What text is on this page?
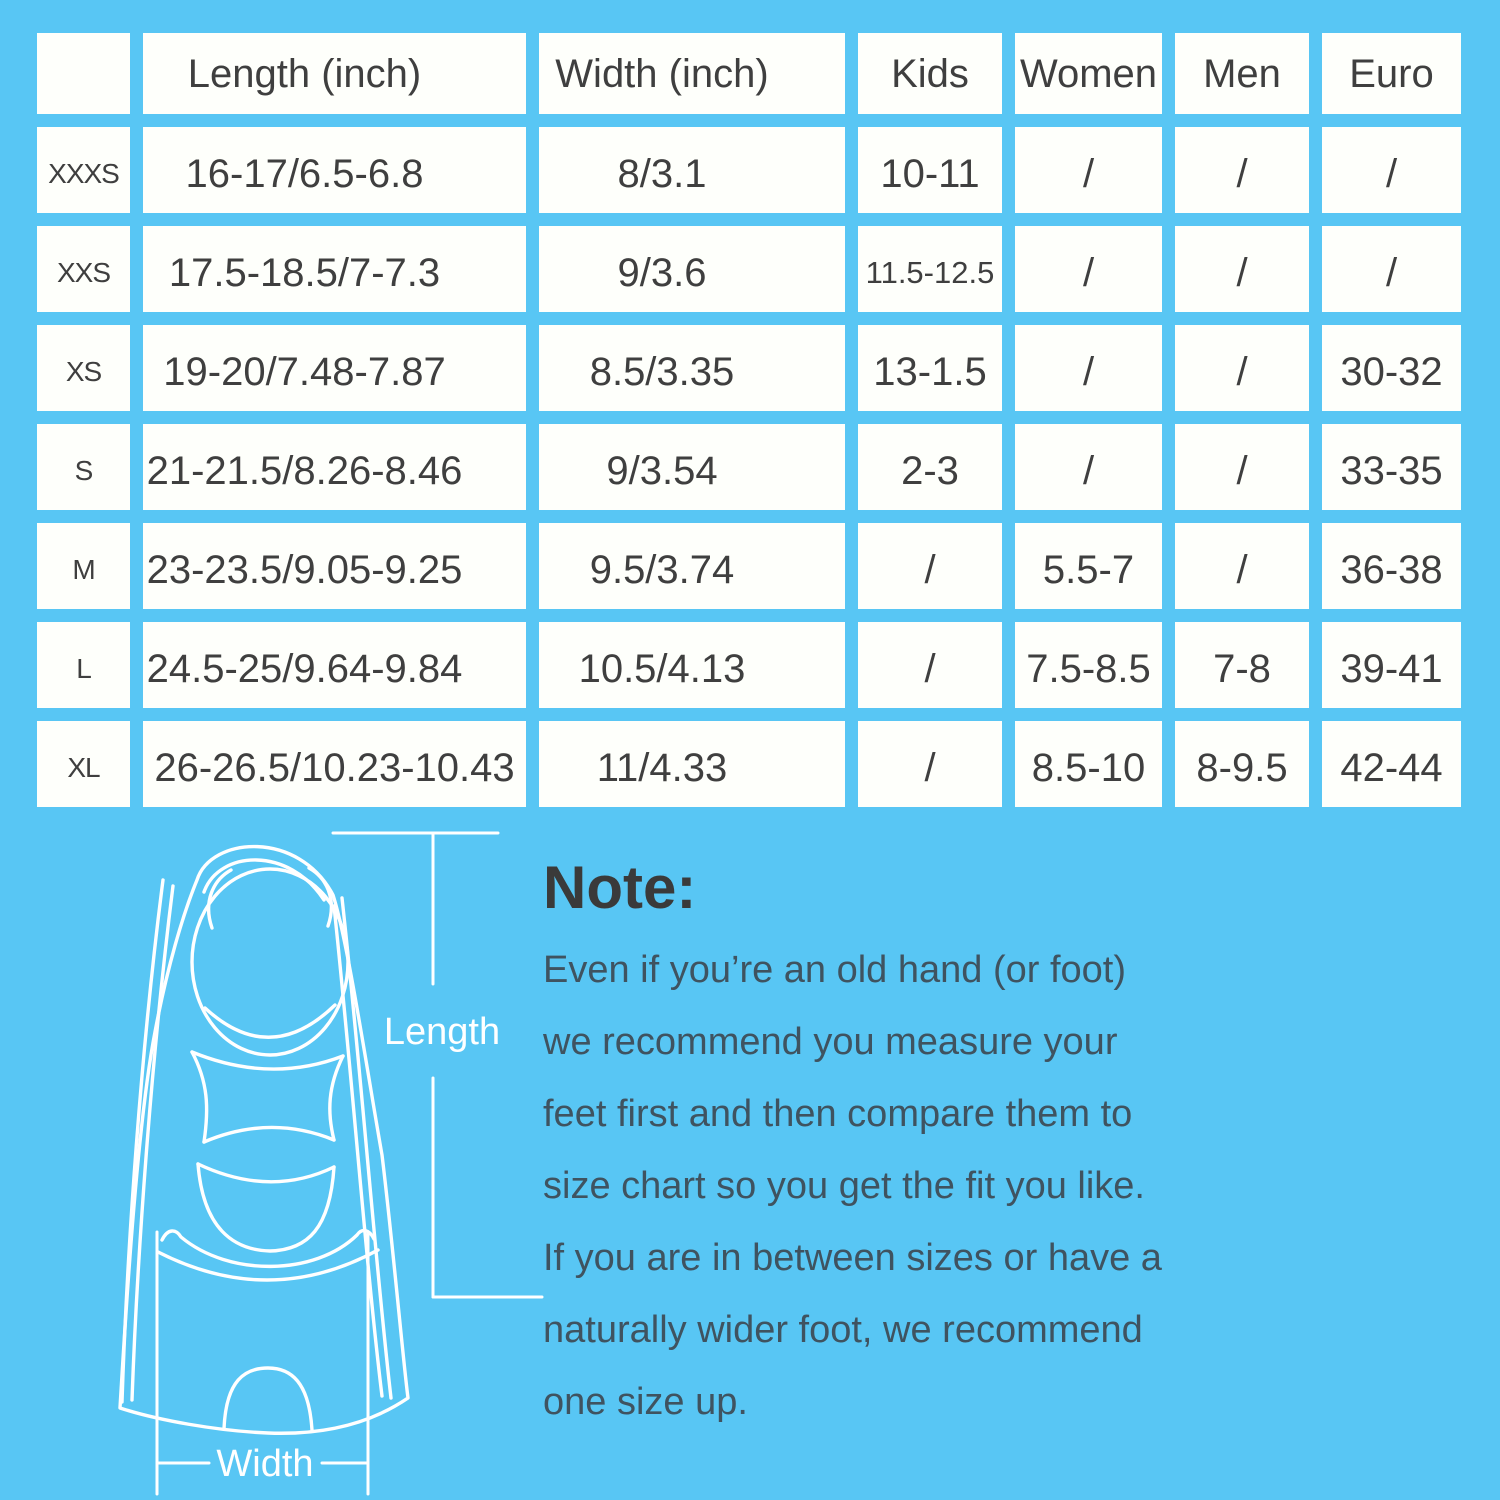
Length (inch)	Width (inch)	Kids	Women	Men	Euro
XXXS	16-17/6.5-6.8	8/3.1	10-11	/	/	/
XXS	17.5-18.5/7-7.3	9/3.6	11.5-12.5	/	/	/
XS	19-20/7.48-7.87	8.5/3.35	13-1.5	/	/	30-32
S	21-21.5/8.26-8.46	9/3.54	2-3	/	/	33-35
M	23-23.5/9.05-9.25	9.5/3.74	/	5.5-7	/	36-38
L	24.5-25/9.64-9.84	10.5/4.13	/	7.5-8.5	7-8	39-41
XL	26-26.5/10.23-10.43	11/4.33	/	8.5-10	8-9.5	42-44
Length
Width
Note:
Even if you’re an old hand (or foot)
we recommend you measure your
feet first and then compare them to
size chart so you get the fit you like.
If you are in between sizes or have a
naturally wider foot, we recommend
one size up.
